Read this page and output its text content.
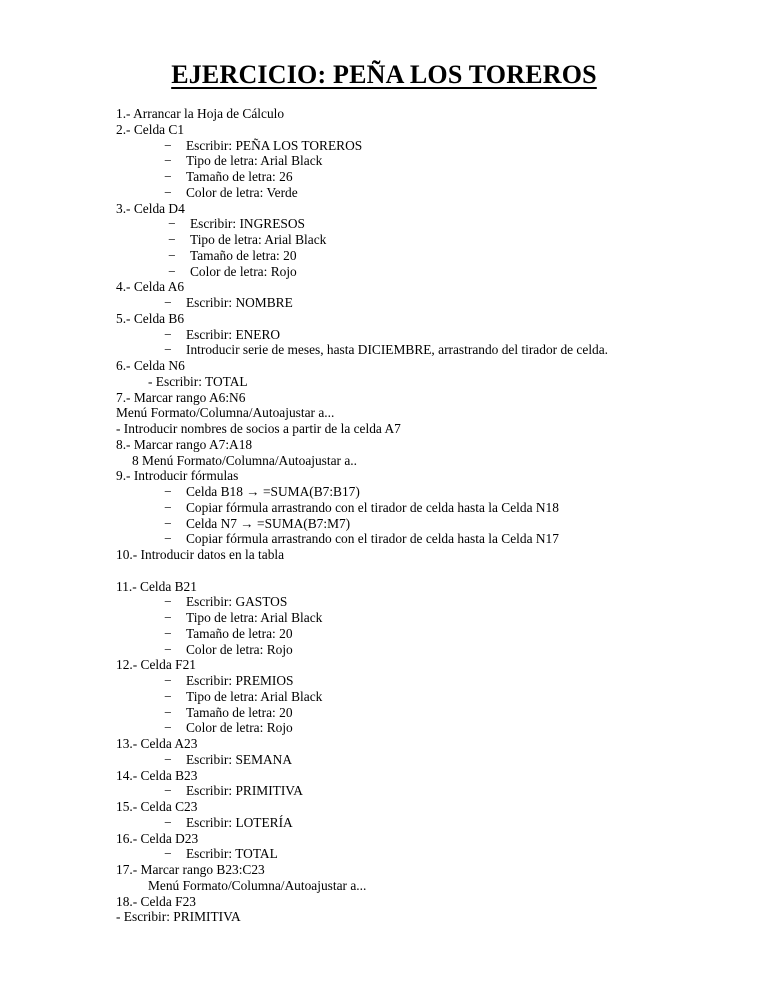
EJERCICIO: PEÑA LOS TOREROS
1.- Arrancar la Hoja de Cálculo
2.- Celda C1
− Escribir: PEÑA LOS TOREROS
− Tipo de letra: Arial Black
− Tamaño de letra: 26
− Color de letra: Verde
3.- Celda D4
− Escribir: INGRESOS
− Tipo de letra: Arial Black
− Tamaño de letra: 20
− Color de letra: Rojo
4.- Celda A6
− Escribir: NOMBRE
5.- Celda B6
− Escribir: ENERO
− Introducir serie de meses, hasta DICIEMBRE, arrastrando del tirador de celda.
6.- Celda N6
- Escribir: TOTAL
7.- Marcar rango A6:N6
Menú Formato/Columna/Autoajustar a...
- Introducir nombres de socios a partir de la celda A7
8.- Marcar rango A7:A18
8 Menú Formato/Columna/Autoajustar a..
9.- Introducir fórmulas
− Celda B18 → =SUMA(B7:B17)
− Copiar fórmula arrastrando con el tirador de celda hasta la Celda N18
− Celda N7 → =SUMA(B7:M7)
− Copiar fórmula arrastrando con el tirador de celda hasta la Celda N17
10.- Introducir datos en la tabla
11.- Celda B21
− Escribir: GASTOS
− Tipo de letra: Arial Black
− Tamaño de letra: 20
− Color de letra: Rojo
12.- Celda F21
− Escribir: PREMIOS
− Tipo de letra: Arial Black
− Tamaño de letra: 20
− Color de letra: Rojo
13.- Celda A23
− Escribir: SEMANA
14.- Celda B23
− Escribir: PRIMITIVA
15.- Celda C23
− Escribir: LOTERÍA
16.- Celda D23
− Escribir: TOTAL
17.- Marcar rango B23:C23
Menú Formato/Columna/Autoajustar a...
18.- Celda F23
- Escribir: PRIMITIVA
